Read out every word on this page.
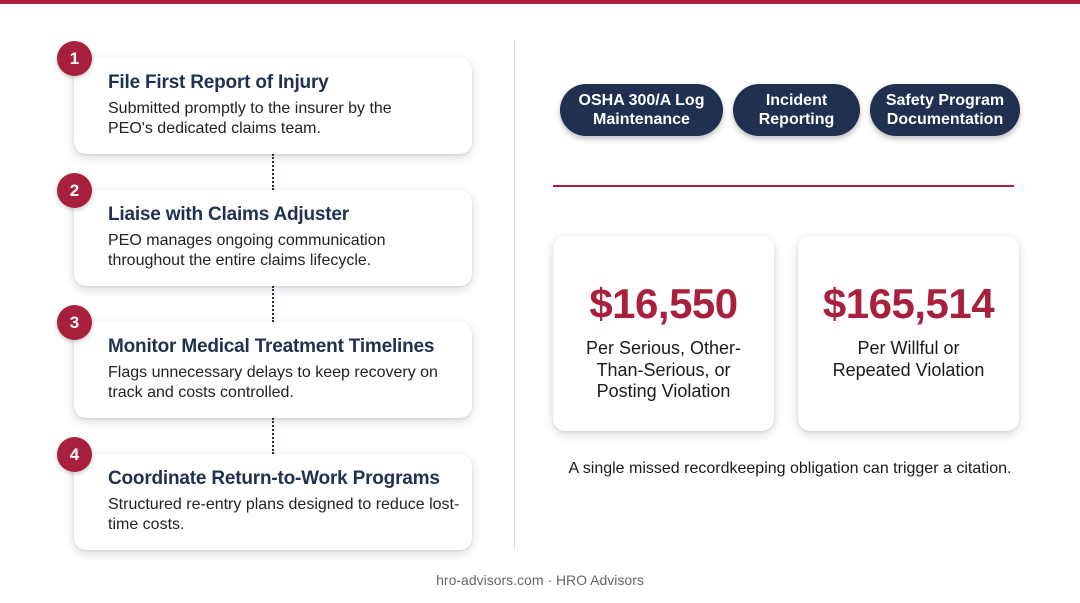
File First Report of Injury
Submitted promptly to the insurer by the PEO's dedicated claims team.
1
Liaise with Claims Adjuster
PEO manages ongoing communication throughout the entire claims lifecycle.
2
Monitor Medical Treatment Timelines
Flags unnecessary delays to keep recovery on track and costs controlled.
3
Coordinate Return-to-Work Programs
Structured re-entry plans designed to reduce lost-time costs.
4
OSHA 300/A Log Maintenance
Incident Reporting
Safety Program Documentation
$16,550
Per Serious, Other-Than-Serious, or Posting Violation
$165,514
Per Willful or Repeated Violation
A single missed recordkeeping obligation can trigger a citation.
hro-advisors.com · HRO Advisors
